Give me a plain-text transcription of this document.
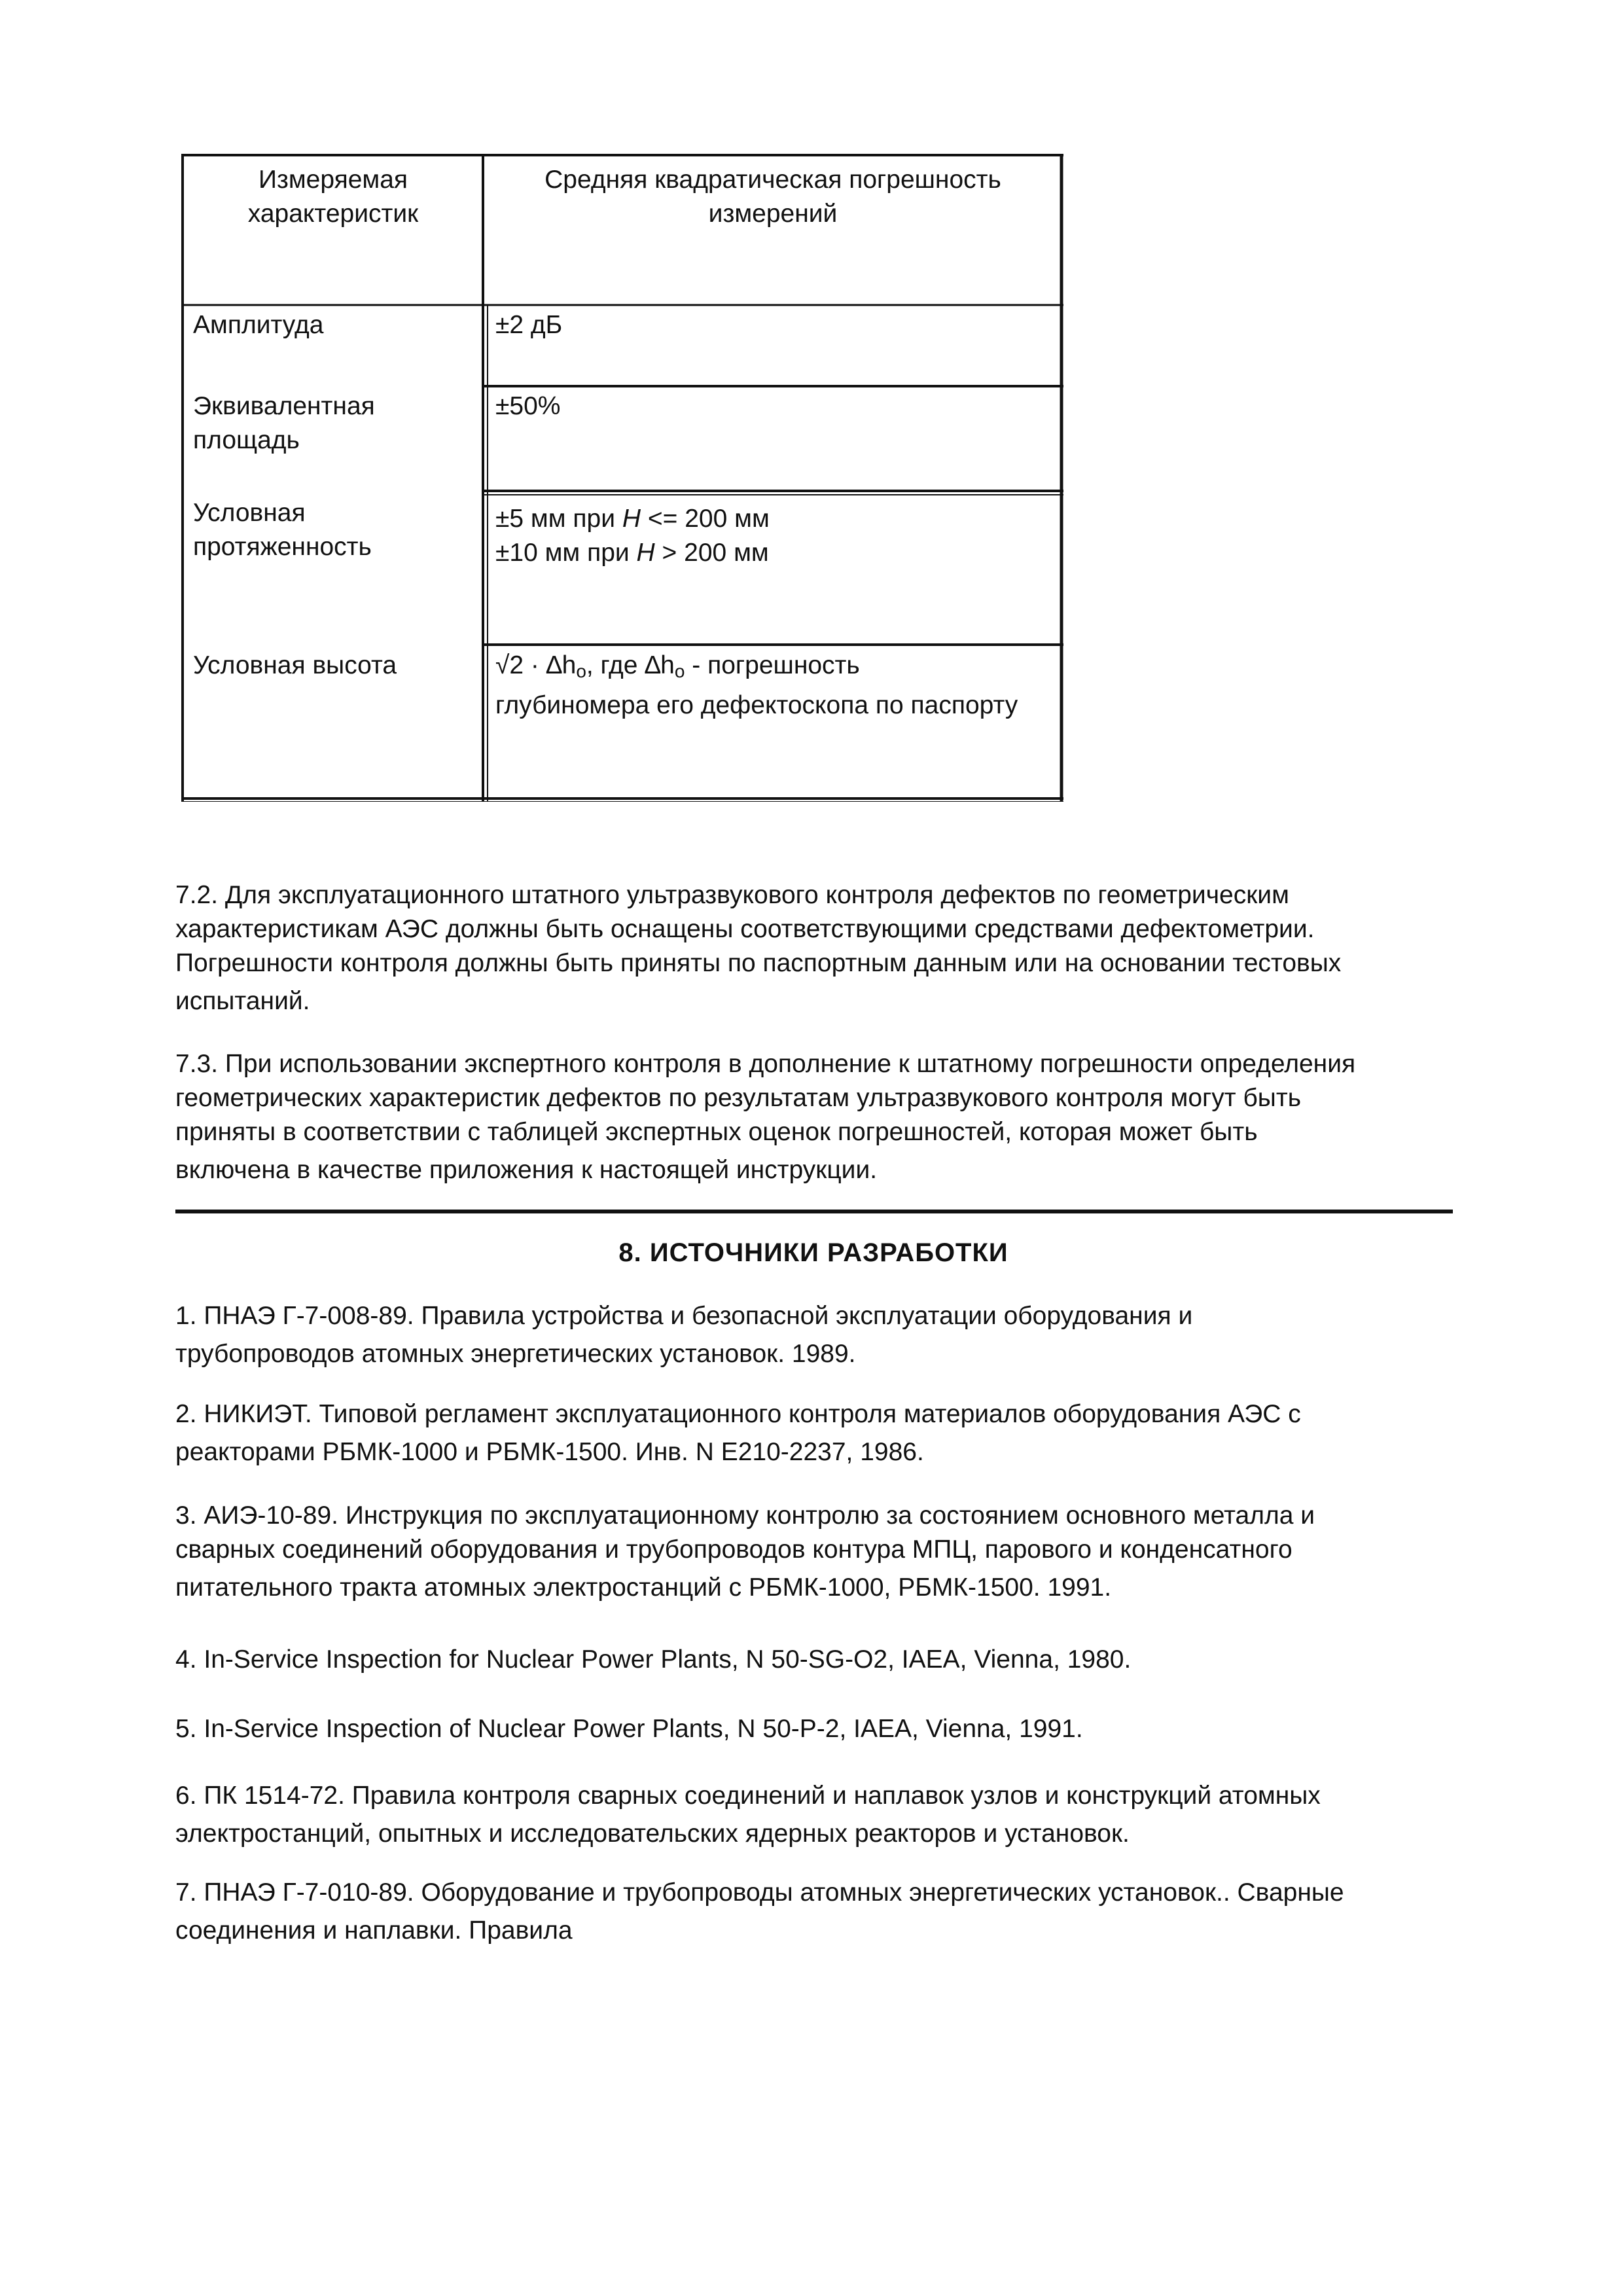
Измеряемая
характеристик
Средняя квадратическая погрешность
измерений
Амплитуда	±2 дБ
Эквивалентная
площадь
±50%
Условная
протяженность
±5 мм при H <= 200 мм
±10 мм при H > 200 мм
Условная высота	$√2 \cdot \Delta h_o$, где $\Delta h_o$ - погрешность
глубиномера его дефектоскопа по паспорту
7.2. Для эксплуатационного штатного ультразвукового контроля дефектов по геометрическим
характеристикам АЭС должны быть оснащены соответствующими средствами дефектометрии.
Погрешности контроля должны быть приняты по паспортным данным или на основании тестовых
испытаний.
7.3. При использовании экспертного контроля в дополнение к штатному погрешности определения
геометрических характеристик дефектов по результатам ультразвукового контроля могут быть
приняты в соответствии с таблицей экспертных оценок погрешностей, которая может быть
включена в качестве приложения к настоящей инструкции.
8. ИСТОЧНИКИ РАЗРАБОТКИ
1. ПНАЭ Г-7-008-89. Правила устройства и безопасной эксплуатации оборудования и
трубопроводов атомных энергетических установок. 1989.
2. НИКИЭТ. Типовой регламент эксплуатационного контроля материалов оборудования АЭС с
реакторами РБМК-1000 и РБМК-1500. Инв. N Е210-2237, 1986.
3. АИЭ-10-89. Инструкция по эксплуатационному контролю за состоянием основного металла и
сварных соединений оборудования и трубопроводов контура МПЦ, парового и конденсатного
питательного тракта атомных электростанций с РБМК-1000, РБМК-1500. 1991.
4. In-Service Inspection for Nuclear Power Plants, N 50-SG-O2, IAEA, Vienna, 1980.
5. In-Service Inspection of Nuclear Power Plants, N 50-P-2, IAEA, Vienna, 1991.
6. ПК 1514-72. Правила контроля сварных соединений и наплавок узлов и конструкций атомных
электростанций, опытных и исследовательских ядерных реакторов и установок.
7. ПНАЭ Г-7-010-89. Оборудование и трубопроводы атомных энергетических установок.. Сварные
соединения и наплавки. Правила
